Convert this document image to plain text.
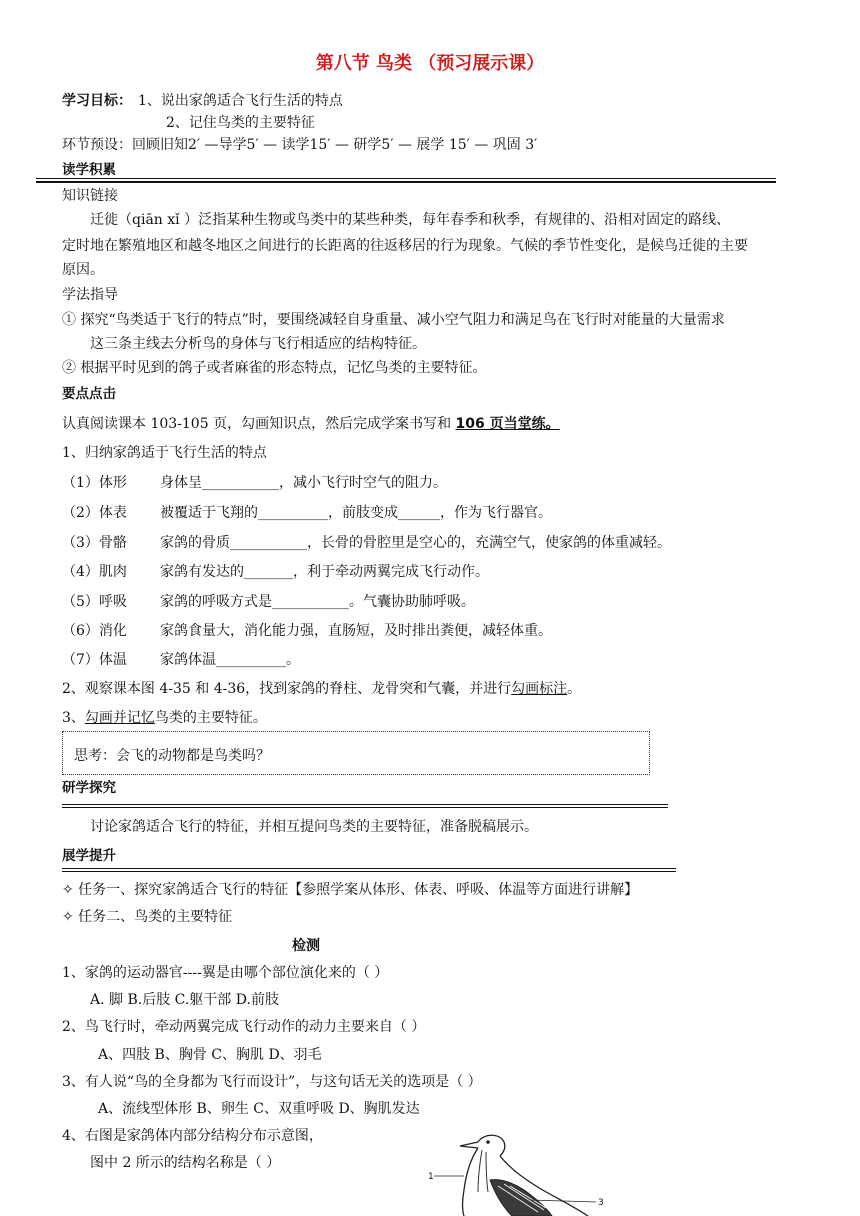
第八节 鸟类 （预习展示课）
学习目标： 1、说出家鸽适合飞行生活的特点
2、记住鸟类的主要特征
环节预设：回顾旧知2′ —导学5′ — 读学15′ — 研学5′ — 展学 15′ — 巩固 3′
读学积累
知识链接
迁徙（qiān xǐ ）泛指某种生物或鸟类中的某些种类，每年春季和秋季，有规律的、沿相对固定的路线、
定时地在繁殖地区和越冬地区之间进行的长距离的往返移居的行为现象。气候的季节性变化，是候鸟迁徙的主要
原因。
学法指导
① 探究“鸟类适于飞行的特点”时，要围绕减轻自身重量、减小空气阻力和满足鸟在飞行时对能量的大量需求
这三条主线去分析鸟的身体与飞行相适应的结构特征。
② 根据平时见到的鸽子或者麻雀的形态特点，记忆鸟类的主要特征。
要点点击
认真阅读课本 103-105 页，勾画知识点，然后完成学案书写和 106 页当堂练。
1、归纳家鸽适于飞行生活的特点
（1）体形 身体呈___________，减小飞行时空气的阻力。
（2）体表 被覆适于飞翔的__________，前肢变成______，作为飞行器官。
（3）骨骼 家鸽的骨质___________，长骨的骨腔里是空心的，充满空气，使家鸽的体重减轻。
（4）肌肉 家鸽有发达的_______，利于牵动两翼完成飞行动作。
（5）呼吸 家鸽的呼吸方式是___________。气囊协助肺呼吸。
（6）消化 家鸽食量大，消化能力强，直肠短，及时排出粪便，减轻体重。
（7）体温 家鸽体温__________。
2、观察课本图 4-35 和 4-36，找到家鸽的脊柱、龙骨突和气囊，并进行勾画标注。
3、勾画并记忆鸟类的主要特征。
思考：会飞的动物都是鸟类吗？
研学探究
讨论家鸽适合飞行的特征，并相互提问鸟类的主要特征，准备脱稿展示。
展学提升
✧ 任务一、探究家鸽适合飞行的特征【参照学案从体形、体表、呼吸、体温等方面进行讲解】
✧ 任务二、鸟类的主要特征
检测
1、家鸽的运动器官----翼是由哪个部位演化来的（ ）
A. 脚 B.后肢 C.躯干部 D.前肢
2、鸟飞行时，牵动两翼完成飞行动作的动力主要来自（ ）
A、四肢 B、胸骨 C、胸肌 D、羽毛
3、有人说“鸟的全身都为飞行而设计”，与这句话无关的选项是（ ）
A、流线型体形 B、卵生 C、双重呼吸 D、胸肌发达
4、右图是家鸽体内部分结构分布示意图，
图中 2 所示的结构名称是（ ）
1
3
